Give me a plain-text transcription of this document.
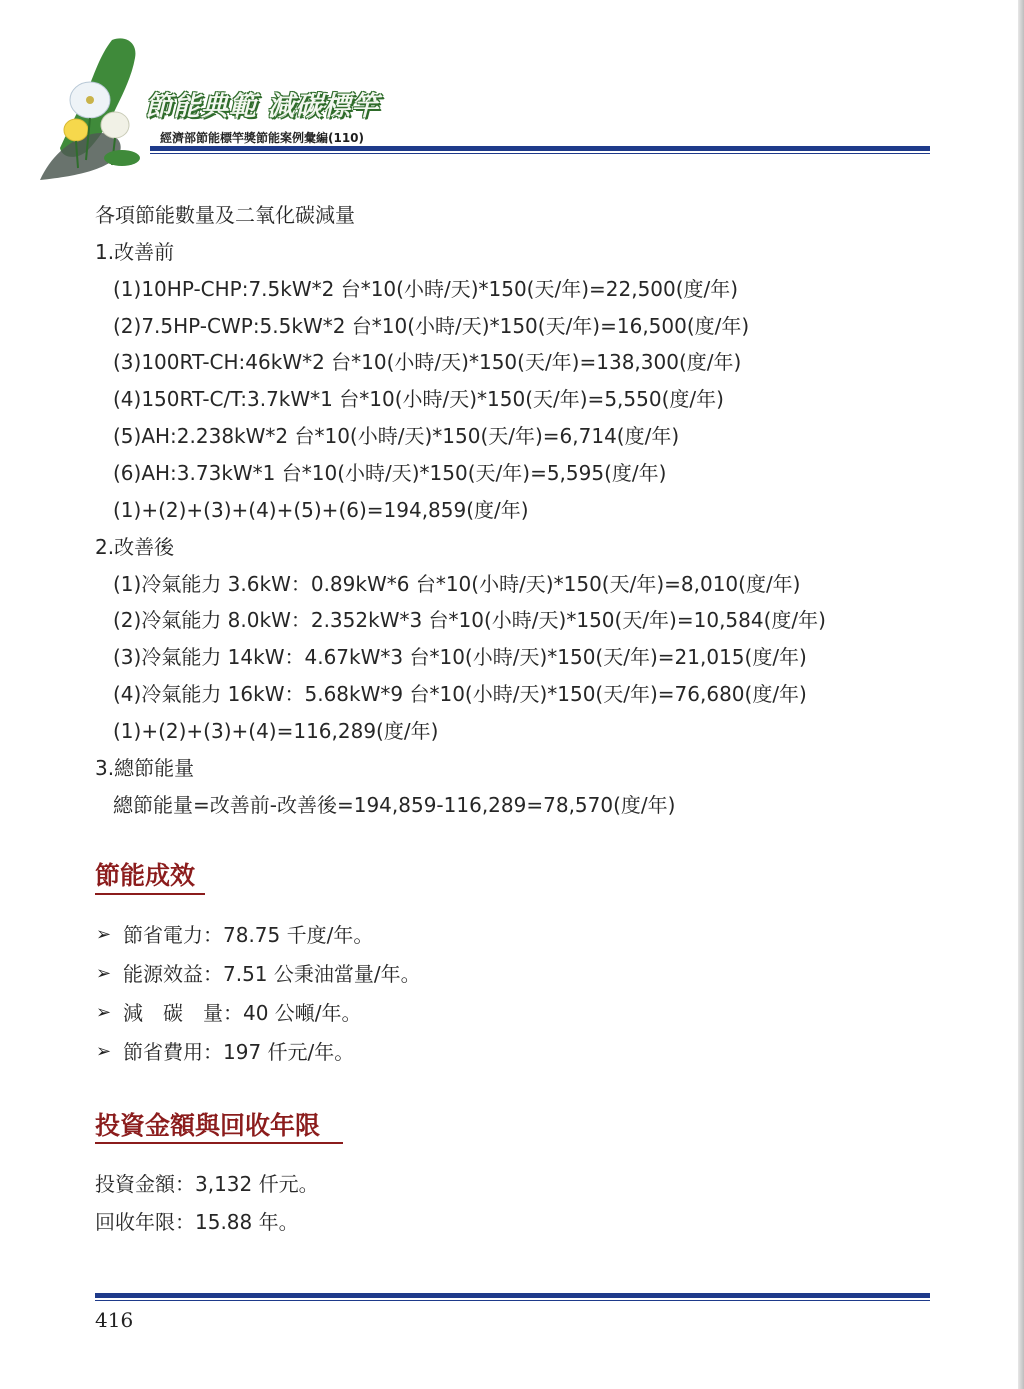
節能典範 減碳標竿
經濟部節能標竿獎節能案例彙編(110)
各項節能數量及二氧化碳減量
1.改善前
(1)10HP-CHP:7.5kW*2 台*10(小時/天)*150(天/年)=22,500(度/年)
(2)7.5HP-CWP:5.5kW*2 台*10(小時/天)*150(天/年)=16,500(度/年)
(3)100RT-CH:46kW*2 台*10(小時/天)*150(天/年)=138,300(度/年)
(4)150RT-C/T:3.7kW*1 台*10(小時/天)*150(天/年)=5,550(度/年)
(5)AH:2.238kW*2 台*10(小時/天)*150(天/年)=6,714(度/年)
(6)AH:3.73kW*1 台*10(小時/天)*150(天/年)=5,595(度/年)
(1)+(2)+(3)+(4)+(5)+(6)=194,859(度/年)
2.改善後
(1)冷氣能力 3.6kW：0.89kW*6 台*10(小時/天)*150(天/年)=8,010(度/年)
(2)冷氣能力 8.0kW：2.352kW*3 台*10(小時/天)*150(天/年)=10,584(度/年)
(3)冷氣能力 14kW：4.67kW*3 台*10(小時/天)*150(天/年)=21,015(度/年)
(4)冷氣能力 16kW：5.68kW*9 台*10(小時/天)*150(天/年)=76,680(度/年)
(1)+(2)+(3)+(4)=116,289(度/年)
3.總節能量
總節能量=改善前-改善後=194,859-116,289=78,570(度/年)
節能成效
➢ 節省電力：78.75 千度/年。
➢ 能源效益：7.51 公秉油當量/年。
➢ 減　碳　量：40 公噸/年。
➢ 節省費用：197 仟元/年。
投資金額與回收年限
投資金額：3,132 仟元。
回收年限：15.88 年。
416
